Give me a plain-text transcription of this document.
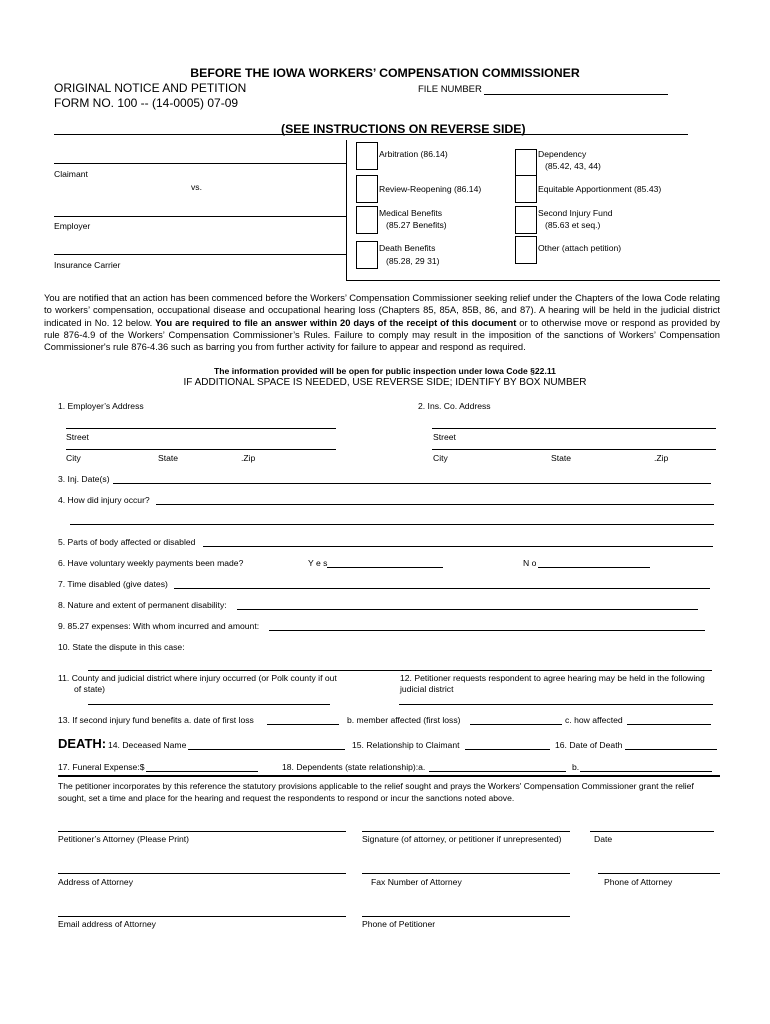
BEFORE THE IOWA WORKERS’ COMPENSATION COMMISSIONER
ORIGINAL NOTICE AND PETITION
FORM NO. 100 -- (14-0005) 07-09
FILE NUMBER
(SEE INSTRUCTIONS ON REVERSE SIDE)
Claimant
vs.
Employer
Insurance Carrier
Arbitration (86.14)
Review-Reopening (86.14)
Medical Benefits
(85.27 Benefits)
Death Benefits
(85.28, 29 31)
Dependency
(85.42, 43, 44)
Equitable Apportionment (85.43)
Second Injury Fund
(85.63 et seq.)
Other (attach petition)
You are notified that an action has been commenced before the Workers’ Compensation Commissioner seeking relief under the Chapters of the Iowa Code relating to workers’ compensation, occupational disease and occupational hearing loss (Chapters 85, 85A, 85B, 86, and 87). A hearing will be held in the judicial district indicated in No. 12 below. You are required to file an answer within 20 days of the receipt of this document or to otherwise move or respond as provided by rule 876-4.9 of the Workers’ Compensation Commissioner’s Rules. Failure to comply may result in the imposition of the sanctions of Workers’ Compensation Commissioner's rule 876-4.36 such as barring you from further activity for failure to appear and respond as required.
The information provided will be open for public inspection under Iowa Code §22.11
IF ADDITIONAL SPACE IS NEEDED, USE REVERSE SIDE; IDENTIFY BY BOX NUMBER
1. Employer’s Address	2. Ins. Co. Address
Street	Street
City	State	.Zip	City	State	.Zip
3. Inj. Date(s)
4. How did injury occur?
5. Parts of body affected or disabled
6. Have voluntary weekly payments been made?	Y e s	N o
7. Time disabled (give dates)
8. Nature and extent of permanent disability:
9. 85.27 expenses: With whom incurred and amount:
10. State the dispute in this case:
11. County and judicial district where injury occurred (or Polk county if out
of state)
12. Petitioner requests respondent to agree hearing may be held in the following
judicial district
13. If second injury fund benefits a. date of first loss	b. member affected (first loss)	c. how affected
DEATH: 14. Deceased Name	15. Relationship to Claimant	16. Date of Death
17. Funeral Expense:$	18. Dependents (state relationship):a.	b.
The petitioner incorporates by this reference the statutory provisions applicable to the relief sought and prays the Workers' Compensation Commissioner grant the relief sought, set a time and place for the hearing and request the respondents to respond or incur the sanctions noted above.
Petitioner’s Attorney (Please Print)	Signature (of attorney, or petitioner if unrepresented)	Date
Address of Attorney	Fax Number of Attorney	Phone of Attorney
Email address of Attorney	Phone of Petitioner
